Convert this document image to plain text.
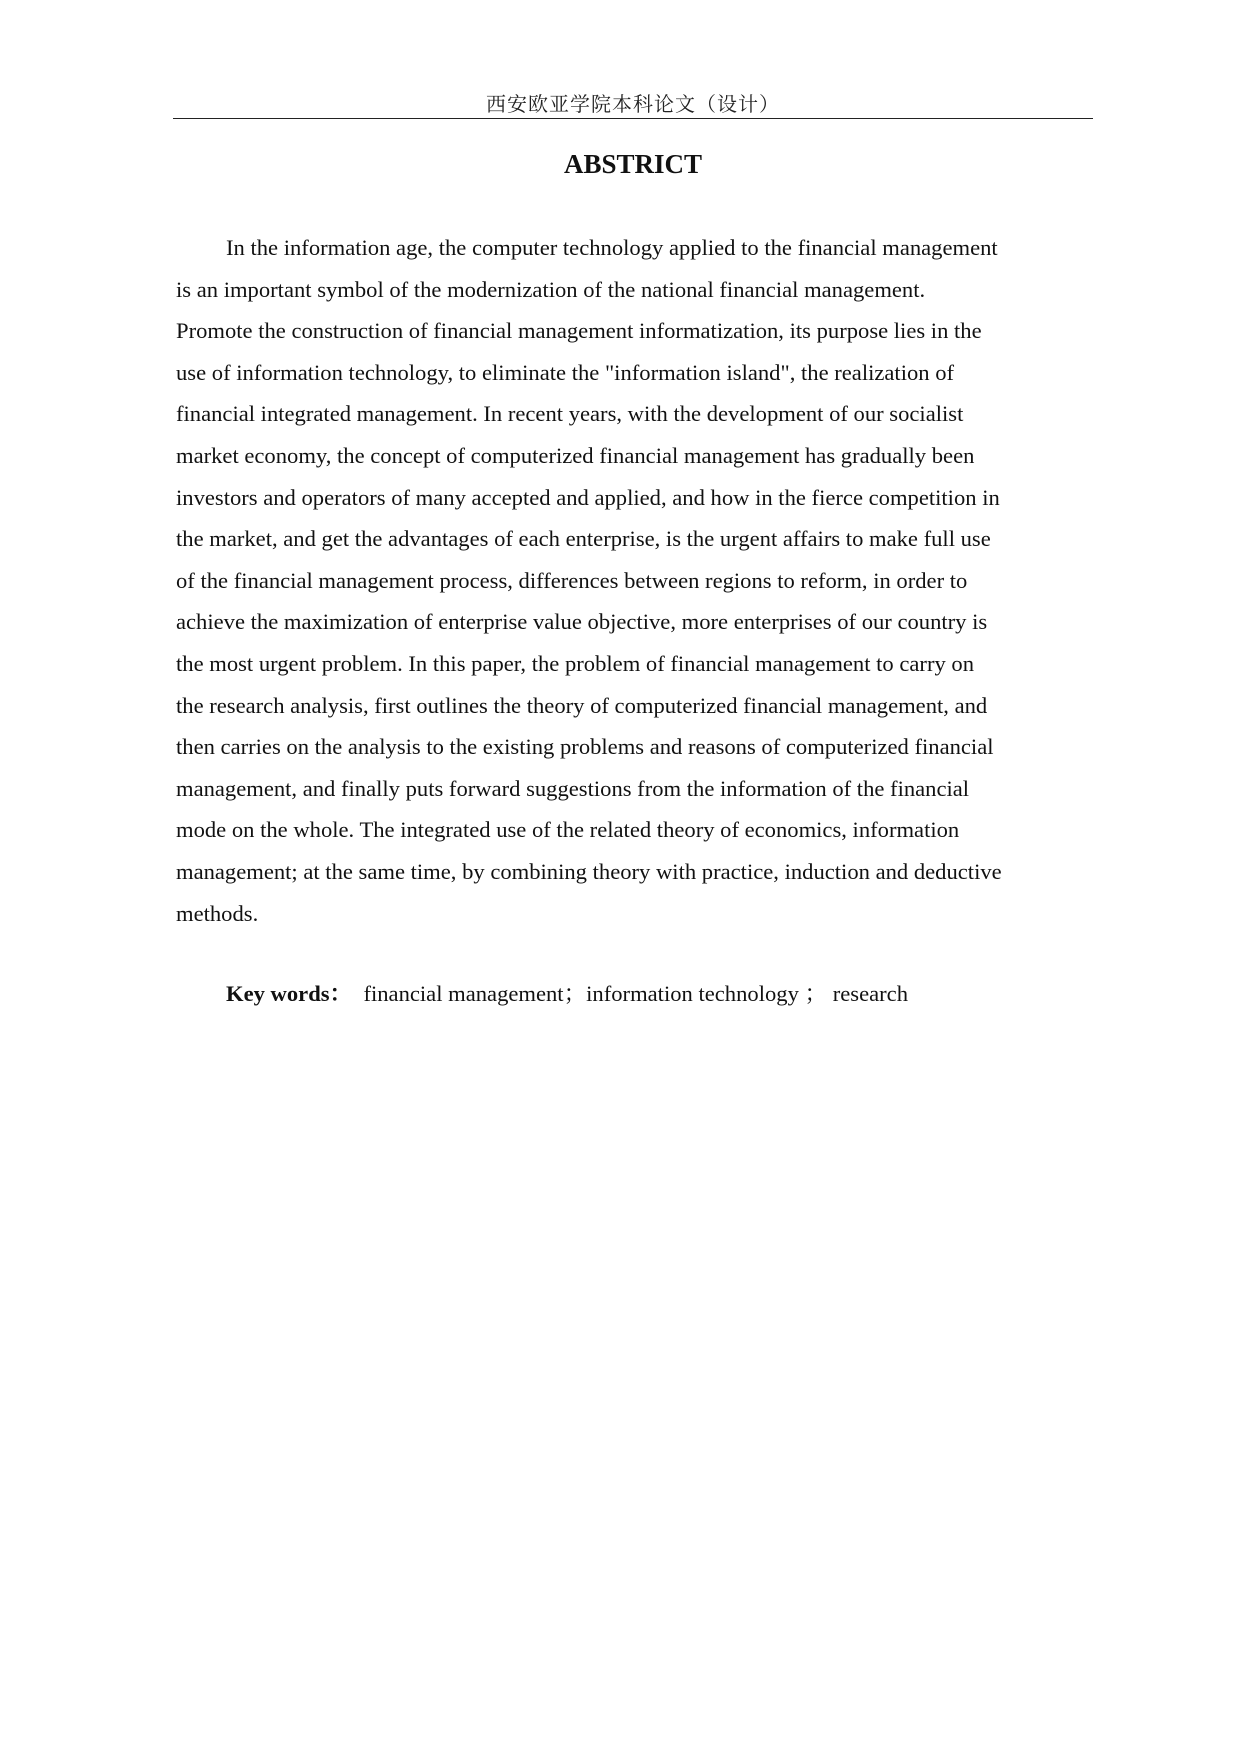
西安欧亚学院本科论文（设计）
ABSTRICT
In the information age, the computer technology applied to the financial management
is an important symbol of the modernization of the national financial management.
Promote the construction of financial management informatization, its purpose lies in the
use of information technology, to eliminate the "information island", the realization of
financial integrated management. In recent years, with the development of our socialist
market economy, the concept of computerized financial management has gradually been
investors and operators of many accepted and applied, and how in the fierce competition in
the market, and get the advantages of each enterprise, is the urgent affairs to make full use
of the financial management process, differences between regions to reform, in order to
achieve the maximization of enterprise value objective, more enterprises of our country is
the most urgent problem. In this paper, the problem of financial management to carry on
the research analysis, first outlines the theory of computerized financial management, and
then carries on the analysis to the existing problems and reasons of computerized financial
management, and finally puts forward suggestions from the information of the financial
mode on the whole. The integrated use of the related theory of economics, information
management; at the same time, by combining theory with practice, induction and deductive
methods.
Key words：  financial management；information technology ； research
